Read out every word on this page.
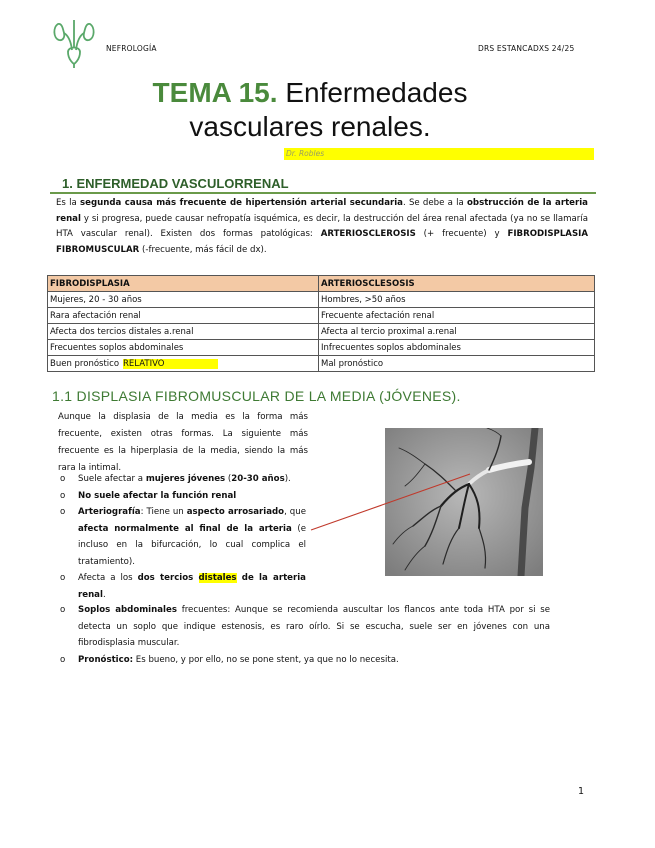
NEFROLOGÍA	DRS ESTANCADXS 24/25
TEMA 15. Enfermedades
vasculares renales.
Dr. Robles
1. ENFERMEDAD VASCULORRENAL
Es la segunda causa más frecuente de hipertensión arterial secundaria. Se debe a la obstrucción de la arteria renal y si progresa, puede causar nefropatía isquémica, es decir, la destrucción del área renal afectada (ya no se llamaría HTA vascular renal). Existen dos formas patológicas: ARTERIOSCLEROSIS (+ frecuente) y FIBRODISPLASIA FIBROMUSCULAR (-frecuente, más fácil de dx).
FIBRODISPLASIA	ARTERIOSCLESOSIS
Mujeres, 20 - 30 años	Hombres, >50 años
Rara afectación renal	Frecuente afectación renal
Afecta dos tercios distales a.renal	Afecta al tercio proximal a.renal
Frecuentes soplos abdominales	Infrecuentes soplos abdominales
Buen pronóstico RELATIVO	Mal pronóstico
1.1 DISPLASIA FIBROMUSCULAR DE LA MEDIA (JÓVENES).
Aunque la displasia de la media es la forma más frecuente, existen otras formas. La siguiente más frecuente es la hiperplasia de la media, siendo la más rara la intimal.
o Suele afectar a mujeres jóvenes (20-30 años).
o No suele afectar la función renal
o Arteriografía: Tiene un aspecto arrosariado, que afecta normalmente al final de la arteria (e incluso en la bifurcación, lo cual complica el tratamiento).
o Afecta a los dos tercios distales de la arteria renal.
o Soplos abdominales frecuentes: Aunque se recomienda auscultar los flancos ante toda HTA por si se detecta un soplo que indique estenosis, es raro oírlo. Si se escucha, suele ser en jóvenes con una fibrodisplasia muscular.
o Pronóstico: Es bueno, y por ello, no se pone stent, ya que no lo necesita.
1
